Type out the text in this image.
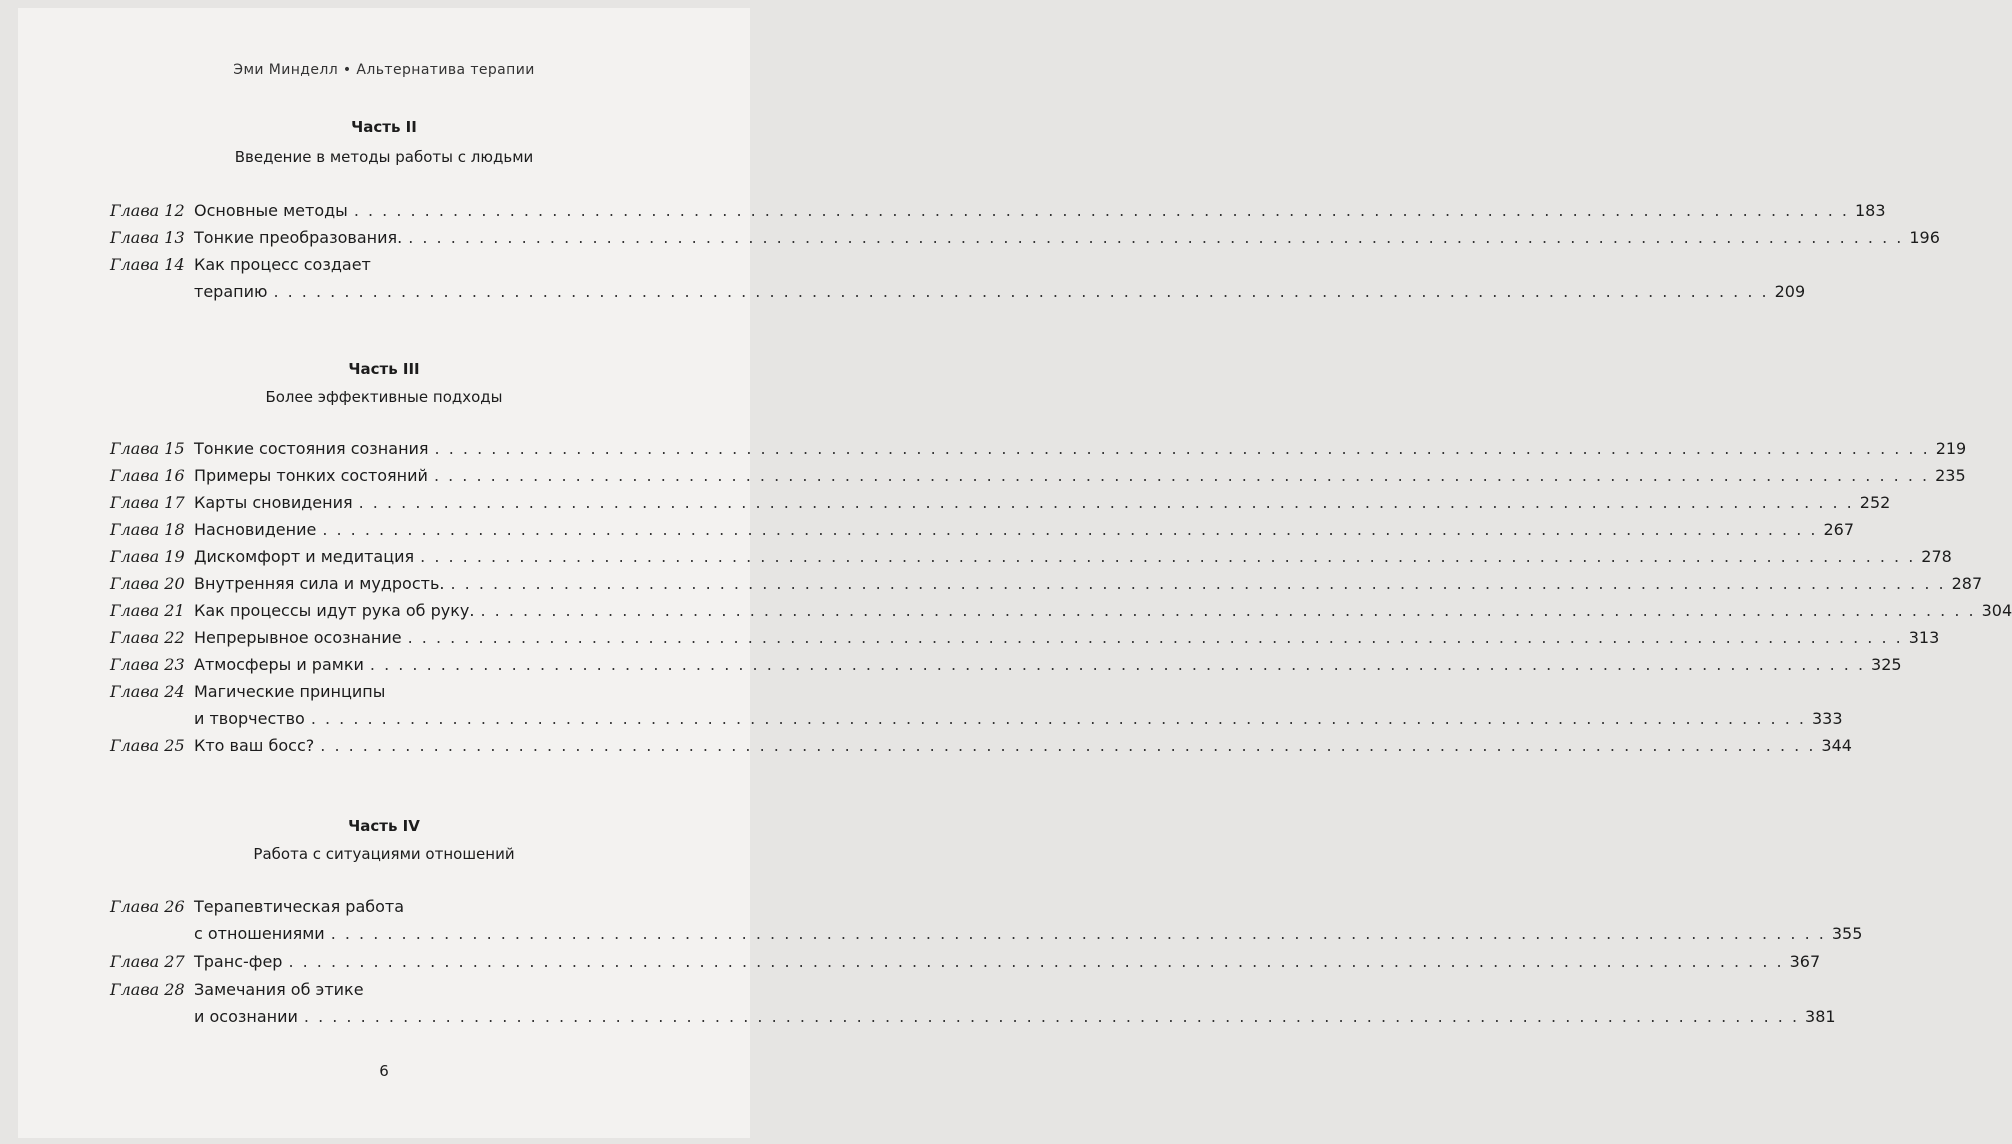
Эми Минделл • Альтернатива терапии
Часть II
Введение в методы работы с людьми
Глава 12 Основные методы . . .	183
Глава 13 Тонкие преобразования. . . .	196
Глава 14 Как процесс создает
терапию . . .	209
Часть III
Более эффективные подходы
Глава 15 Тонкие состояния сознания . . .	219
Глава 16 Примеры тонких состояний . . .	235
Глава 17 Карты сновидения . . .	252
Глава 18 Насновидение . . .	267
Глава 19 Дискомфорт и медитация . . .	278
Глава 20 Внутренняя сила и мудрость. . . .	287
Глава 21 Как процессы идут рука об руку. . . .	304
Глава 22 Непрерывное осознание . . .	313
Глава 23 Атмосферы и рамки . . .	325
Глава 24 Магические принципы
и творчество . . .	333
Глава 25 Кто ваш босс? . . .	344
Часть IV
Работа с ситуациями отношений
Глава 26 Терапевтическая работа
с отношениями . . .	355
Глава 27 Транс-фер . . .	367
Глава 28 Замечания об этике
и осознании . . .	381
6
